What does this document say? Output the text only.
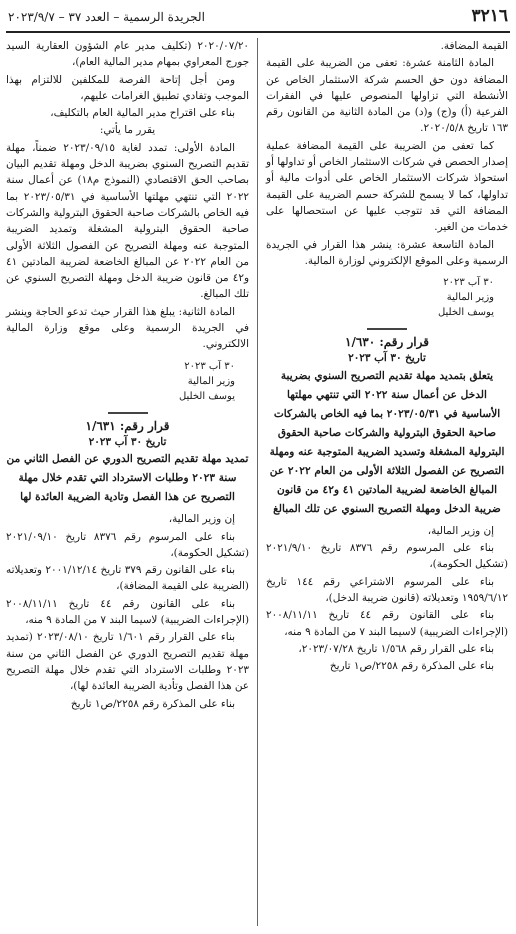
٣٢١٦
الجريدة الرسمية – العدد ٣٧ – ٢٠٢٣/٩/٧

القيمة المضافة.

المادة الثامنة عشرة: تعفى من الضريبة على القيمة المضافة دون حق الحسم شركة الاستثمار الخاص عن الأنشطة التي تزاولها المنصوص عليها في الفقرات الفرعية (أ) و(ج) و(د) من المادة الثانية من القانون رقم ١٦٣ تاريخ ٢٠٢٠/٥/٨.

كما تعفى من الضريبة على القيمة المضافة عملية إصدار الحصص في شركات الاستثمار الخاص أو تداولها أو استحواذ شركات الاستثمار الخاص على أدوات مالية أو تداولها، كما لا يسمح للشركة حسم الضريبة على القيمة المضافة التي قد تتوجب عليها عن استحصالها على خدمات من الغير.

المادة التاسعة عشرة: ينشر هذا القرار في الجريدة الرسمية وعلى الموقع الإلكتروني لوزارة المالية.

٣٠ آب ٢٠٢٣
وزير المالية
يوسف الخليل
قرار رقم: ١/٦٣٠
تاريخ ٣٠ آب ٢٠٢٣
يتعلق بتمديد مهلة تقديم التصريح السنوي بضريبة الدخل عن أعمال سنة ٢٠٢٢ التي تنتهي مهلتها الأساسية في ٢٠٢٣/٠٥/٣١ بما فيه الخاص بالشركات صاحبة الحقوق البترولية والشركات صاحبة الحقوق البترولية المشغلة وتسديد الضريبة المتوجبة عنه ومهلة التصريح عن الفصول الثلاثة الأولى من العام ٢٠٢٢ عن المبالغ الخاضعة لضريبة المادتين ٤١ و٤٢ من قانون ضريبة الدخل ومهلة التصريح السنوي عن تلك المبالغ

إن وزير المالية،

بناء على المرسوم رقم ٨٣٧٦ تاريخ ٢٠٢١/٩/١٠ (تشكيل الحكومة)،

بناء على المرسوم الاشتراعي رقم ١٤٤ تاريخ ١٩٥٩/٦/١٢ وتعديلاته (قانون ضريبة الدخل)،

بناء على القانون رقم ٤٤ تاريخ ٢٠٠٨/١١/١١ (الإجراءات الضريبية) لاسيما البند ٧ من المادة ٩ منه،

بناء على القرار رقم ١/٥٦٨ تاريخ ٢٠٢٣/٠٧/٢٨،

بناء على المذكرة رقم ٢٢٥٨/ص١ تاريخ

٢٠٢٠/٠٧/٢٠ (تكليف مدير عام الشؤون العقارية السيد جورج المعراوي بمهام مدير المالية العام)،

ومن أجل إتاحة الفرصة للمكلفين للالتزام بهذا الموجب وتفادي تطبيق الغرامات عليهم،

بناء على اقتراح مدير المالية العام بالتكليف،

يقرر ما يأتي:

المادة الأولى: تمدد لغاية ٢٠٢٣/٠٩/١٥ ضمناً، مهلة تقديم التصريح السنوي بضريبة الدخل ومهلة تقديم البيان بصاحب الحق الاقتصادي (النموذج م١٨) عن أعمال سنة ٢٠٢٢ التي تنتهي مهلتها الأساسية في ٢٠٢٣/٠٥/٣١ بما فيه الخاص بالشركات صاحبة الحقوق البترولية والشركات صاحبة الحقوق البترولية المشغلة وتمديد الضريبة المتوجبة عنه ومهلة التصريح عن الفصول الثلاثة الأولى من العام ٢٠٢٢ عن المبالغ الخاضعة لضريبة المادتين ٤١ و٤٢ من قانون ضريبة الدخل ومهلة التصريح السنوي عن تلك المبالغ.

المادة الثانية: يبلغ هذا القرار حيث تدعو الحاجة وينشر في الجريدة الرسمية وعلى موقع وزارة المالية الالكتروني.

٣٠ آب ٢٠٢٣
وزير المالية
يوسف الخليل
قرار رقم: ١/٦٣١
تاريخ ٣٠ آب ٢٠٢٣
تمديد مهلة تقديم التصريح الدوري عن الفصل الثاني من سنة ٢٠٢٣ وطلبات الاسترداد التي تقدم خلال مهلة التصريح عن هذا الفصل وتادية الضريبة العائدة لها

إن وزير المالية،

بناء على المرسوم رقم ٨٣٧٦ تاريخ ٢٠٢١/٠٩/١٠ (تشكيل الحكومة)،

بناء على القانون رقم ٣٧٩ تاريخ ٢٠٠١/١٢/١٤ وتعديلاته (الضريبة على القيمة المضافة)،

بناء على القانون رقم ٤٤ تاريخ ٢٠٠٨/١١/١١ (الإجراءات الضريبية) لاسيما البند ٧ من المادة ٩ منه،

بناء على القرار رقم ١/٦٠١ تاريخ ٢٠٢٣/٠٨/١٠ (تمديد مهلة تقديم التصريح الدوري عن الفصل الثاني من سنة ٢٠٢٣ وطلبات الاسترداد التي تقدم خلال مهلة التصريح عن هذا الفصل وتأدية الضريبة العائدة لها)،

بناء على المذكرة رقم ٢٢٥٨/ص١ تاريخ
